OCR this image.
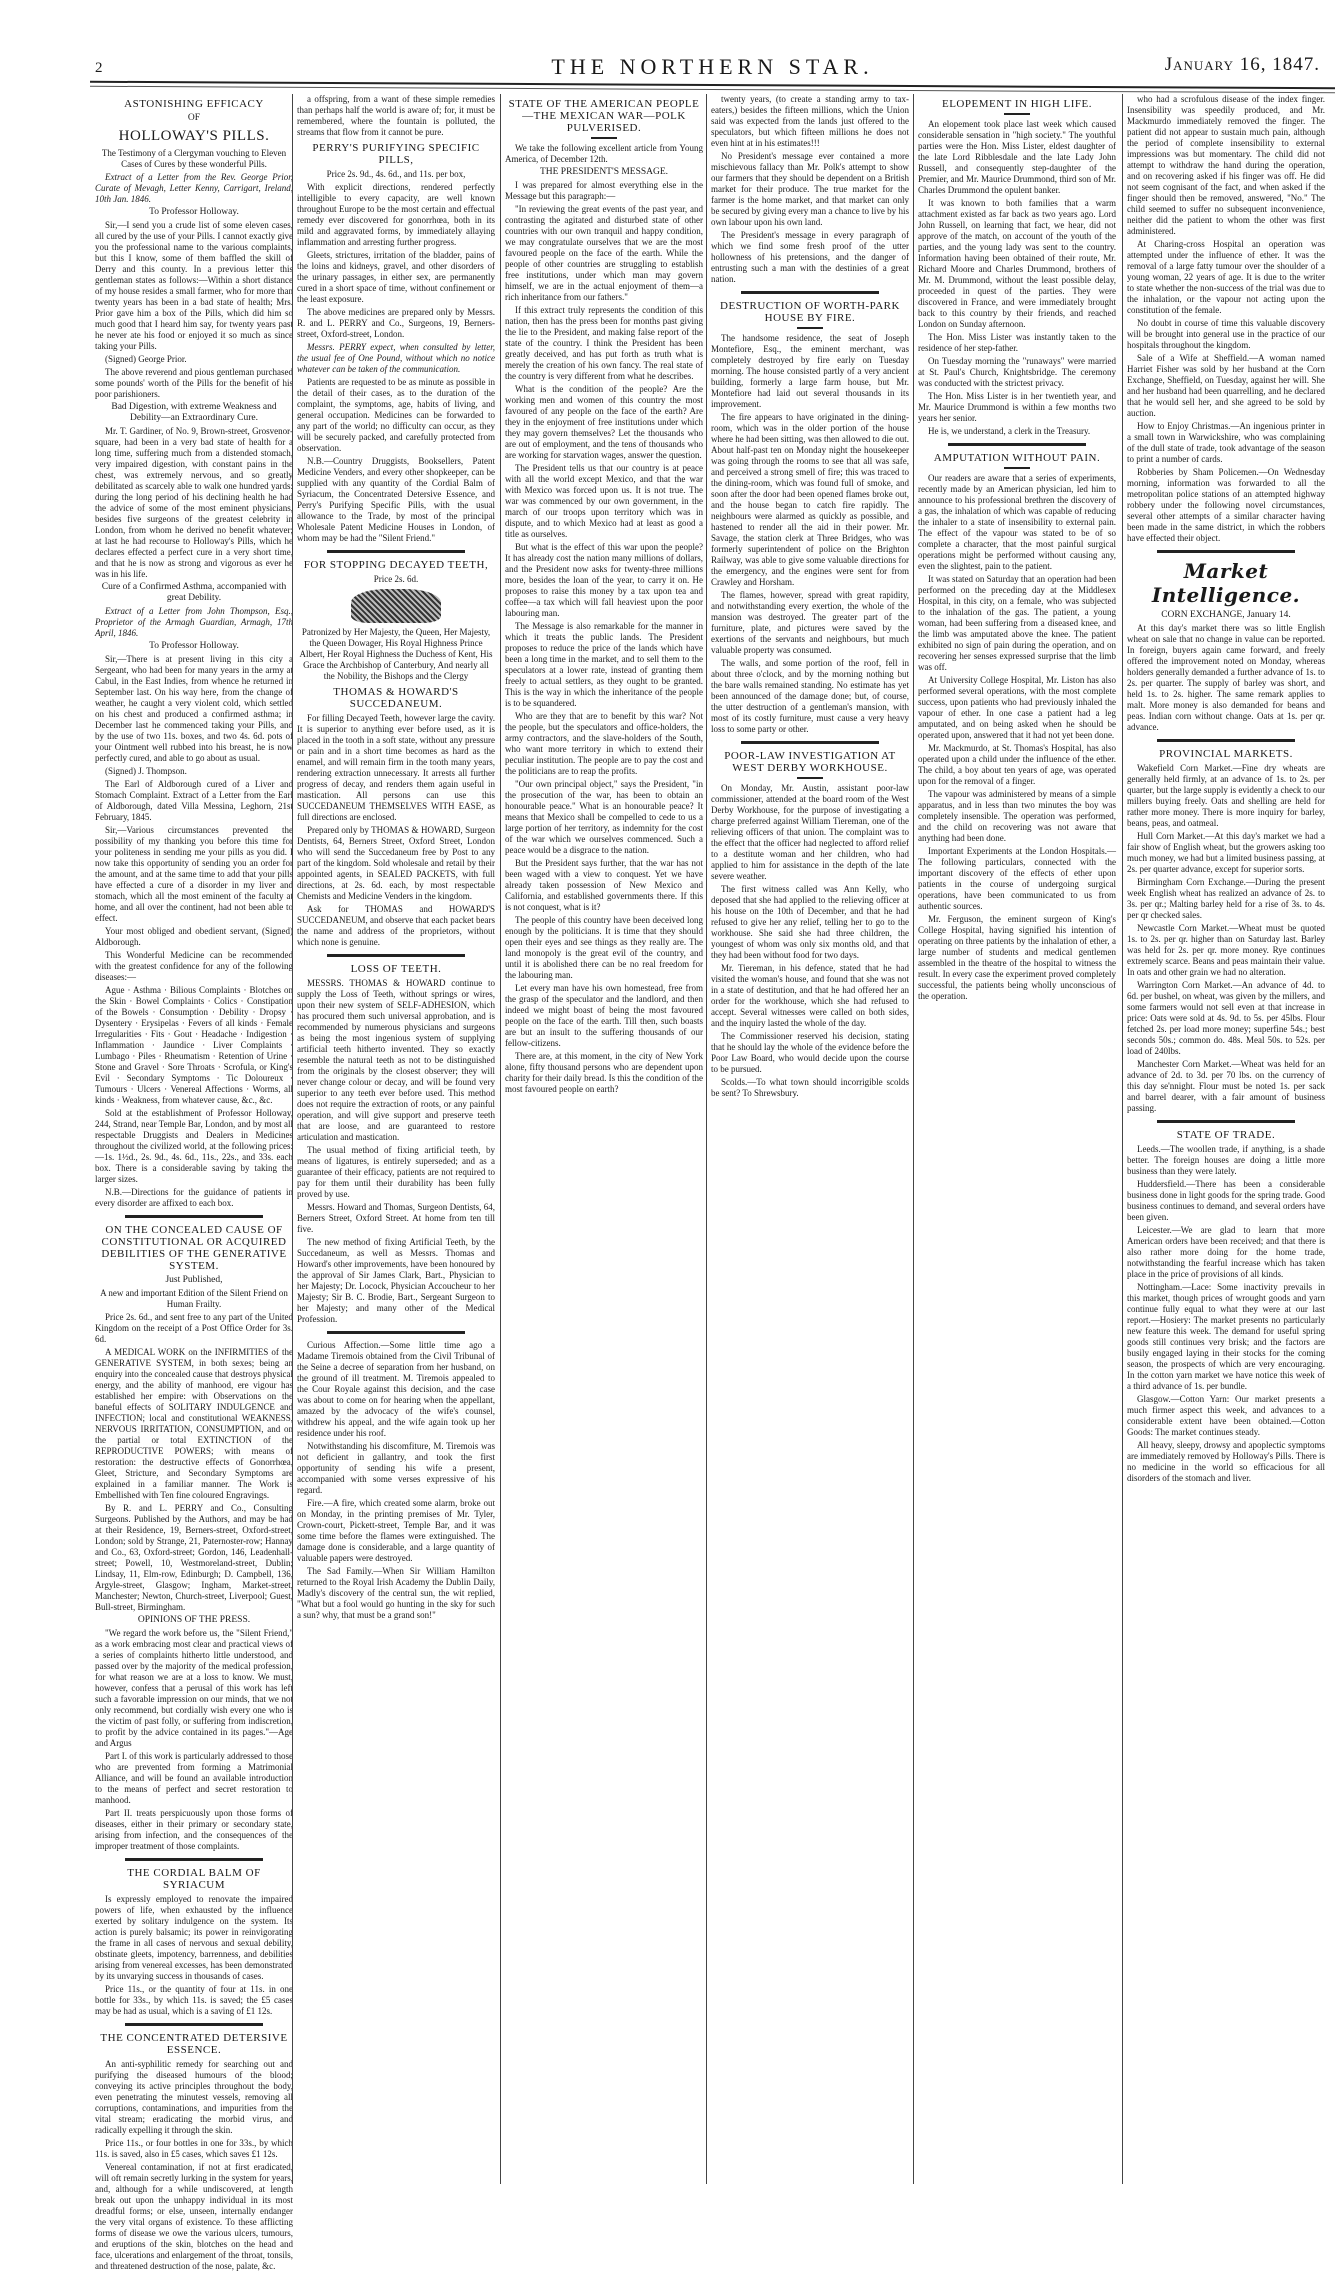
2	THE NORTHERN STAR.	January 16, 1847.
ASTONISHING EFFICACY
OF
HOLLOWAY'S PILLS.

The Testimony of a Clergyman vouching to Eleven Cases of Cures by these wonderful Pills.

Extract of a Letter from the Rev. George Prior, Curate of Mevagh, Letter Kenny, Carrigart, Ireland, 10th Jan. 1846.

To Professor Holloway.

Sir,—I send you a crude list of some eleven cases, all cured by the use of your Pills. I cannot exactly give you the professional name to the various complaints, but this I know, some of them baffled the skill of Derry and this county. In a previous letter this gentleman states as follows:—Within a short distance of my house resides a small farmer, who for more than twenty years has been in a bad state of health; Mrs. Prior gave him a box of the Pills, which did him so much good that I heard him say, for twenty years past he never ate his food or enjoyed it so much as since taking your Pills.

(Signed) George Prior.

The above reverend and pious gentleman purchased some pounds' worth of the Pills for the benefit of his poor parishioners.

Bad Digestion, with extreme Weakness and Debility—an Extraordinary Cure.

Mr. T. Gardiner, of No. 9, Brown-street, Grosvenor-square, had been in a very bad state of health for a long time, suffering much from a distended stomach, very impaired digestion, with constant pains in the chest, was extremely nervous, and so greatly debilitated as scarcely able to walk one hundred yards: during the long period of his declining health he had the advice of some of the most eminent physicians, besides five surgeons of the greatest celebrity in London, from whom he derived no benefit whatever; at last he had recourse to Holloway's Pills, which he declares effected a perfect cure in a very short time, and that he is now as strong and vigorous as ever he was in his life.

Cure of a Confirmed Asthma, accompanied with great Debility.

Extract of a Letter from John Thompson, Esq., Proprietor of the Armagh Guardian, Armagh, 17th April, 1846.

To Professor Holloway.

Sir,—There is at present living in this city a Sergeant, who had been for many years in the army at Cabul, in the East Indies, from whence he returned in September last. On his way here, from the change of weather, he caught a very violent cold, which settled on his chest and produced a confirmed asthma; in December last he commenced taking your Pills, and by the use of two 11s. boxes, and two 4s. 6d. pots of your Ointment well rubbed into his breast, he is now perfectly cured, and able to go about as usual.

(Signed) J. Thompson.

The Earl of Aldborough cured of a Liver and Stomach Complaint. Extract of a Letter from the Earl of Aldborough, dated Villa Messina, Leghorn, 21st February, 1845.

Sir,—Various circumstances prevented the possibility of my thanking you before this time for your politeness in sending me your pills as you did. I now take this opportunity of sending you an order for the amount, and at the same time to add that your pills have effected a cure of a disorder in my liver and stomach, which all the most eminent of the faculty at home, and all over the continent, had not been able to effect.

Your most obliged and obedient servant, (Signed) Aldborough.

This Wonderful Medicine can be recommended with the greatest confidence for any of the following diseases:—

Ague · Asthma · Bilious Complaints · Blotches on the Skin · Bowel Complaints · Colics · Constipation of the Bowels · Consumption · Debility · Dropsy · Dysentery · Erysipelas · Fevers of all kinds · Female Irregularities · Fits · Gout · Headache · Indigestion · Inflammation · Jaundice · Liver Complaints · Lumbago · Piles · Rheumatism · Retention of Urine · Stone and Gravel · Sore Throats · Scrofula, or King's Evil · Secondary Symptoms · Tic Doloureux · Tumours · Ulcers · Venereal Affections · Worms, all kinds · Weakness, from whatever cause, &c., &c.

Sold at the establishment of Professor Holloway, 244, Strand, near Temple Bar, London, and by most all respectable Druggists and Dealers in Medicines throughout the civilized world, at the following prices:—1s. 1½d., 2s. 9d., 4s. 6d., 11s., 22s., and 33s. each box. There is a considerable saving by taking the larger sizes.

N.B.—Directions for the guidance of patients in every disorder are affixed to each box.

ON THE CONCEALED CAUSE OF CONSTITUTIONAL OR ACQUIRED DEBILITIES OF THE GENERATIVE SYSTEM.
Just Published,

A new and important Edition of the Silent Friend on Human Frailty.

Price 2s. 6d., and sent free to any part of the United Kingdom on the receipt of a Post Office Order for 3s. 6d.

A MEDICAL WORK on the INFIRMITIES of the GENERATIVE SYSTEM, in both sexes; being an enquiry into the concealed cause that destroys physical energy, and the ability of manhood, ere vigour has established her empire: with Observations on the baneful effects of SOLITARY INDULGENCE and INFECTION; local and constitutional WEAKNESS, NERVOUS IRRITATION, CONSUMPTION, and on the partial or total EXTINCTION of the REPRODUCTIVE POWERS; with means of restoration: the destructive effects of Gonorrhœa, Gleet, Stricture, and Secondary Symptoms are explained in a familiar manner. The Work is Embellished with Ten fine coloured Engravings.

By R. and L. PERRY and Co., Consulting Surgeons. Published by the Authors, and may be had at their Residence, 19, Berners-street, Oxford-street, London; sold by Strange, 21, Paternoster-row; Hannay and Co., 63, Oxford-street; Gordon, 146, Leadenhall-street; Powell, 10, Westmoreland-street, Dublin; Lindsay, 11, Elm-row, Edinburgh; D. Campbell, 136, Argyle-street, Glasgow; Ingham, Market-street, Manchester; Newton, Church-street, Liverpool; Guest, Bull-street, Birmingham.

OPINIONS OF THE PRESS.

"We regard the work before us, the "Silent Friend," as a work embracing most clear and practical views of a series of complaints hitherto little understood, and passed over by the majority of the medical profession, for what reason we are at a loss to know. We must, however, confess that a perusal of this work has left such a favorable impression on our minds, that we not only recommend, but cordially wish every one who is the victim of past folly, or suffering from indiscretion, to profit by the advice contained in its pages."—Age and Argus

Part I. of this work is particularly addressed to those who are prevented from forming a Matrimonial Alliance, and will be found an available introduction to the means of perfect and secret restoration to manhood.

Part II. treats perspicuously upon those forms of diseases, either in their primary or secondary state, arising from infection, and the consequences of the improper treatment of those complaints.

THE CORDIAL BALM OF SYRIACUM

Is expressly employed to renovate the impaired powers of life, when exhausted by the influence exerted by solitary indulgence on the system. Its action is purely balsamic; its power in reinvigorating the frame in all cases of nervous and sexual debility, obstinate gleets, impotency, barrenness, and debilities arising from venereal excesses, has been demonstrated by its unvarying success in thousands of cases.

Price 11s., or the quantity of four at 11s. in one bottle for 33s., by which 11s. is saved; the £5 cases may be had as usual, which is a saving of £1 12s.

THE CONCENTRATED DETERSIVE ESSENCE.

An anti-syphilitic remedy for searching out and purifying the diseased humours of the blood; conveying its active principles throughout the body, even penetrating the minutest vessels, removing all corruptions, contaminations, and impurities from the vital stream; eradicating the morbid virus, and radically expelling it through the skin.

Price 11s., or four bottles in one for 33s., by which 11s. is saved, also in £5 cases, which saves £1 12s.

Venereal contamination, if not at first eradicated, will oft remain secretly lurking in the system for years, and, although for a while undiscovered, at length break out upon the unhappy individual in its most dreadful forms; or else, unseen, internally endanger the very vital organs of existence. To these afflicting forms of disease we owe the various ulcers, tumours, and eruptions of the skin, blotches on the head and face, ulcerations and enlargement of the throat, tonsils, and threatened destruction of the nose, palate, &c.

a offspring, from a want of these simple remedies than perhaps half the world is aware of; for, it must be remembered, where the fountain is polluted, the streams that flow from it cannot be pure.

PERRY'S PURIFYING SPECIFIC PILLS,

Price 2s. 9d., 4s. 6d., and 11s. per box,

With explicit directions, rendered perfectly intelligible to every capacity, are well known throughout Europe to be the most certain and effectual remedy ever discovered for gonorrhœa, both in its mild and aggravated forms, by immediately allaying inflammation and arresting further progress.

Gleets, strictures, irritation of the bladder, pains of the loins and kidneys, gravel, and other disorders of the urinary passages, in either sex, are permanently cured in a short space of time, without confinement or the least exposure.

The above medicines are prepared only by Messrs. R. and L. PERRY and Co., Surgeons, 19, Berners-street, Oxford-street, London.

Messrs. PERRY expect, when consulted by letter, the usual fee of One Pound, without which no notice whatever can be taken of the communication.

Patients are requested to be as minute as possible in the detail of their cases, as to the duration of the complaint, the symptoms, age, habits of living, and general occupation. Medicines can be forwarded to any part of the world; no difficulty can occur, as they will be securely packed, and carefully protected from observation.

N.B.—Country Druggists, Booksellers, Patent Medicine Venders, and every other shopkeeper, can be supplied with any quantity of the Cordial Balm of Syriacum, the Concentrated Detersive Essence, and Perry's Purifying Specific Pills, with the usual allowance to the Trade, by most of the principal Wholesale Patent Medicine Houses in London, of whom may be had the "Silent Friend."

FOR STOPPING DECAYED TEETH,

Price 2s. 6d.

Patronized by Her Majesty, the Queen, Her Majesty, the Queen Dowager, His Royal Highness Prince Albert, Her Royal Highness the Duchess of Kent, His Grace the Archbishop of Canterbury, And nearly all the Nobility, the Bishops and the Clergy

THOMAS & HOWARD'S SUCCEDANEUM.

For filling Decayed Teeth, however large the cavity. It is superior to anything ever before used, as it is placed in the tooth in a soft state, without any pressure or pain and in a short time becomes as hard as the enamel, and will remain firm in the tooth many years, rendering extraction unnecessary. It arrests all further progress of decay, and renders them again useful in mastication. All persons can use this SUCCEDANEUM THEMSELVES WITH EASE, as full directions are enclosed.

Prepared only by THOMAS & HOWARD, Surgeon Dentists, 64, Berners Street, Oxford Street, London who will send the Succedaneum free by Post to any part of the kingdom. Sold wholesale and retail by their appointed agents, in SEALED PACKETS, with full directions, at 2s. 6d. each, by most respectable Chemists and Medicine Venders in the kingdom.

Ask for THOMAS and HOWARD'S SUCCEDANEUM, and observe that each packet bears the name and address of the proprietors, without which none is genuine.

LOSS OF TEETH.

MESSRS. THOMAS & HOWARD continue to supply the Loss of Teeth, without springs or wires, upon their new system of SELF-ADHESION, which has procured them such universal approbation, and is recommended by numerous physicians and surgeons as being the most ingenious system of supplying artificial teeth hitherto invented. They so exactly resemble the natural teeth as not to be distinguished from the originals by the closest observer; they will never change colour or decay, and will be found very superior to any teeth ever before used. This method does not require the extraction of roots, or any painful operation, and will give support and preserve teeth that are loose, and are guaranteed to restore articulation and mastication.

The usual method of fixing artificial teeth, by means of ligatures, is entirely superseded; and as a guarantee of their efficacy, patients are not required to pay for them until their durability has been fully proved by use.

Messrs. Howard and Thomas, Surgeon Dentists, 64, Berners Street, Oxford Street. At home from ten till five.

The new method of fixing Artificial Teeth, by the Succedaneum, as well as Messrs. Thomas and Howard's other improvements, have been honoured by the approval of Sir James Clark, Bart., Physician to her Majesty; Dr. Locock, Physician Accoucheur to her Majesty; Sir B. C. Brodie, Bart., Sergeant Surgeon to her Majesty; and many other of the Medical Profession.

Curious Affection.—Some little time ago a Madame Tiremois obtained from the Civil Tribunal of the Seine a decree of separation from her husband, on the ground of ill treatment. M. Tiremois appealed to the Cour Royale against this decision, and the case was about to come on for hearing when the appellant, amazed by the advocacy of the wife's counsel, withdrew his appeal, and the wife again took up her residence under his roof.

Notwithstanding his discomfiture, M. Tiremois was not deficient in gallantry, and took the first opportunity of sending his wife a present, accompanied with some verses expressive of his regard.

Fire.—A fire, which created some alarm, broke out on Monday, in the printing premises of Mr. Tyler, Crown-court, Pickett-street, Temple Bar, and it was some time before the flames were extinguished. The damage done is considerable, and a large quantity of valuable papers were destroyed.

The Sad Family.—When Sir William Hamilton returned to the Royal Irish Academy the Dublin Daily, Madly's discovery of the central sun, the wit replied, "What but a fool would go hunting in the sky for such a sun? why, that must be a grand son!"

STATE OF THE AMERICAN PEOPLE—THE MEXICAN WAR—POLK PULVERISED.

We take the following excellent article from Young America, of December 12th.

THE PRESIDENT'S MESSAGE.

I was prepared for almost everything else in the Message but this paragraph:—

"In reviewing the great events of the past year, and contrasting the agitated and disturbed state of other countries with our own tranquil and happy condition, we may congratulate ourselves that we are the most favoured people on the face of the earth. While the people of other countries are struggling to establish free institutions, under which man may govern himself, we are in the actual enjoyment of them—a rich inheritance from our fathers."

If this extract truly represents the condition of this nation, then has the press been for months past giving the lie to the President, and making false report of the state of the country. I think the President has been greatly deceived, and has put forth as truth what is merely the creation of his own fancy. The real state of the country is very different from what he describes.

What is the condition of the people? Are the working men and women of this country the most favoured of any people on the face of the earth? Are they in the enjoyment of free institutions under which they may govern themselves? Let the thousands who are out of employment, and the tens of thousands who are working for starvation wages, answer the question.

The President tells us that our country is at peace with all the world except Mexico, and that the war with Mexico was forced upon us. It is not true. The war was commenced by our own government, in the march of our troops upon territory which was in dispute, and to which Mexico had at least as good a title as ourselves.

But what is the effect of this war upon the people? It has already cost the nation many millions of dollars, and the President now asks for twenty-three millions more, besides the loan of the year, to carry it on. He proposes to raise this money by a tax upon tea and coffee—a tax which will fall heaviest upon the poor labouring man.

The Message is also remarkable for the manner in which it treats the public lands. The President proposes to reduce the price of the lands which have been a long time in the market, and to sell them to the speculators at a lower rate, instead of granting them freely to actual settlers, as they ought to be granted. This is the way in which the inheritance of the people is to be squandered.

Who are they that are to benefit by this war? Not the people, but the speculators and office-holders, the army contractors, and the slave-holders of the South, who want more territory in which to extend their peculiar institution. The people are to pay the cost and the politicians are to reap the profits.

"Our own principal object," says the President, "in the prosecution of the war, has been to obtain an honourable peace." What is an honourable peace? It means that Mexico shall be compelled to cede to us a large portion of her territory, as indemnity for the cost of the war which we ourselves commenced. Such a peace would be a disgrace to the nation.

But the President says further, that the war has not been waged with a view to conquest. Yet we have already taken possession of New Mexico and California, and established governments there. If this is not conquest, what is it?

The people of this country have been deceived long enough by the politicians. It is time that they should open their eyes and see things as they really are. The land monopoly is the great evil of the country, and until it is abolished there can be no real freedom for the labouring man.

Let every man have his own homestead, free from the grasp of the speculator and the landlord, and then indeed we might boast of being the most favoured people on the face of the earth. Till then, such boasts are but an insult to the suffering thousands of our fellow-citizens.

There are, at this moment, in the city of New York alone, fifty thousand persons who are dependent upon charity for their daily bread. Is this the condition of the most favoured people on earth?

twenty years, (to create a standing army to tax-eaters,) besides the fifteen millions, which the Union said was expected from the lands just offered to the speculators, but which fifteen millions he does not even hint at in his estimates!!!

No President's message ever contained a more mischievous fallacy than Mr. Polk's attempt to show our farmers that they should be dependent on a British market for their produce. The true market for the farmer is the home market, and that market can only be secured by giving every man a chance to live by his own labour upon his own land.

The President's message in every paragraph of which we find some fresh proof of the utter hollowness of his pretensions, and the danger of entrusting such a man with the destinies of a great nation.

DESTRUCTION OF WORTH-PARK HOUSE BY FIRE.

The handsome residence, the seat of Joseph Montefiore, Esq., the eminent merchant, was completely destroyed by fire early on Tuesday morning. The house consisted partly of a very ancient building, formerly a large farm house, but Mr. Montefiore had laid out several thousands in its improvement.

The fire appears to have originated in the dining-room, which was in the older portion of the house where he had been sitting, was then allowed to die out. About half-past ten on Monday night the housekeeper was going through the rooms to see that all was safe, and perceived a strong smell of fire; this was traced to the dining-room, which was found full of smoke, and soon after the door had been opened flames broke out, and the house began to catch fire rapidly. The neighbours were alarmed as quickly as possible, and hastened to render all the aid in their power. Mr. Savage, the station clerk at Three Bridges, who was formerly superintendent of police on the Brighton Railway, was able to give some valuable directions for the emergency, and the engines were sent for from Crawley and Horsham.

The flames, however, spread with great rapidity, and notwithstanding every exertion, the whole of the mansion was destroyed. The greater part of the furniture, plate, and pictures were saved by the exertions of the servants and neighbours, but much valuable property was consumed.

The walls, and some portion of the roof, fell in about three o'clock, and by the morning nothing but the bare walls remained standing. No estimate has yet been announced of the damage done; but, of course, the utter destruction of a gentleman's mansion, with most of its costly furniture, must cause a very heavy loss to some party or other.

POOR-LAW INVESTIGATION AT WEST DERBY WORKHOUSE.

On Monday, Mr. Austin, assistant poor-law commissioner, attended at the board room of the West Derby Workhouse, for the purpose of investigating a charge preferred against William Tiereman, one of the relieving officers of that union. The complaint was to the effect that the officer had neglected to afford relief to a destitute woman and her children, who had applied to him for assistance in the depth of the late severe weather.

The first witness called was Ann Kelly, who deposed that she had applied to the relieving officer at his house on the 10th of December, and that he had refused to give her any relief, telling her to go to the workhouse. She said she had three children, the youngest of whom was only six months old, and that they had been without food for two days.

Mr. Tiereman, in his defence, stated that he had visited the woman's house, and found that she was not in a state of destitution, and that he had offered her an order for the workhouse, which she had refused to accept. Several witnesses were called on both sides, and the inquiry lasted the whole of the day.

The Commissioner reserved his decision, stating that he should lay the whole of the evidence before the Poor Law Board, who would decide upon the course to be pursued.

Scolds.—To what town should incorrigible scolds be sent? To Shrewsbury.

ELOPEMENT IN HIGH LIFE.

An elopement took place last week which caused considerable sensation in "high society." The youthful parties were the Hon. Miss Lister, eldest daughter of the late Lord Ribblesdale and the late Lady John Russell, and consequently step-daughter of the Premier, and Mr. Maurice Drummond, third son of Mr. Charles Drummond the opulent banker.

It was known to both families that a warm attachment existed as far back as two years ago. Lord John Russell, on learning that fact, we hear, did not approve of the match, on account of the youth of the parties, and the young lady was sent to the country. Information having been obtained of their route, Mr. Richard Moore and Charles Drummond, brothers of Mr. M. Drummond, without the least possible delay, proceeded in quest of the parties. They were discovered in France, and were immediately brought back to this country by their friends, and reached London on Sunday afternoon.

The Hon. Miss Lister was instantly taken to the residence of her step-father.

On Tuesday morning the "runaways" were married at St. Paul's Church, Knightsbridge. The ceremony was conducted with the strictest privacy.

The Hon. Miss Lister is in her twentieth year, and Mr. Maurice Drummond is within a few months two years her senior.

He is, we understand, a clerk in the Treasury.

AMPUTATION WITHOUT PAIN.

Our readers are aware that a series of experiments, recently made by an American physician, led him to announce to his professional brethren the discovery of a gas, the inhalation of which was capable of reducing the inhaler to a state of insensibility to external pain. The effect of the vapour was stated to be of so complete a character, that the most painful surgical operations might be performed without causing any, even the slightest, pain to the patient.

It was stated on Saturday that an operation had been performed on the preceding day at the Middlesex Hospital, in this city, on a female, who was subjected to the inhalation of the gas. The patient, a young woman, had been suffering from a diseased knee, and the limb was amputated above the knee. The patient exhibited no sign of pain during the operation, and on recovering her senses expressed surprise that the limb was off.

At University College Hospital, Mr. Liston has also performed several operations, with the most complete success, upon patients who had previously inhaled the vapour of ether. In one case a patient had a leg amputated, and on being asked when he should be operated upon, answered that it had not yet been done.

Mr. Mackmurdo, at St. Thomas's Hospital, has also operated upon a child under the influence of the ether. The child, a boy about ten years of age, was operated upon for the removal of a finger.

The vapour was administered by means of a simple apparatus, and in less than two minutes the boy was completely insensible. The operation was performed, and the child on recovering was not aware that anything had been done.

Important Experiments at the London Hospitals.—The following particulars, connected with the important discovery of the effects of ether upon patients in the course of undergoing surgical operations, have been communicated to us from authentic sources.

Mr. Ferguson, the eminent surgeon of King's College Hospital, having signified his intention of operating on three patients by the inhalation of ether, a large number of students and medical gentlemen assembled in the theatre of the hospital to witness the result. In every case the experiment proved completely successful, the patients being wholly unconscious of the operation.

who had a scrofulous disease of the index finger. Insensibility was speedily produced, and Mr. Mackmurdo immediately removed the finger. The patient did not appear to sustain much pain, although the period of complete insensibility to external impressions was but momentary. The child did not attempt to withdraw the hand during the operation, and on recovering asked if his finger was off. He did not seem cognisant of the fact, and when asked if the finger should then be removed, answered, "No." The child seemed to suffer no subsequent inconvenience, neither did the patient to whom the other was first administered.

At Charing-cross Hospital an operation was attempted under the influence of ether. It was the removal of a large fatty tumour over the shoulder of a young woman, 22 years of age. It is due to the writer to state whether the non-success of the trial was due to the inhalation, or the vapour not acting upon the constitution of the female.

No doubt in course of time this valuable discovery will be brought into general use in the practice of our hospitals throughout the kingdom.

Sale of a Wife at Sheffield.—A woman named Harriet Fisher was sold by her husband at the Corn Exchange, Sheffield, on Tuesday, against her will. She and her husband had been quarrelling, and he declared that he would sell her, and she agreed to be sold by auction.

How to Enjoy Christmas.—An ingenious printer in a small town in Warwickshire, who was complaining of the dull state of trade, took advantage of the season to print a number of cards.

Robberies by Sham Policemen.—On Wednesday morning, information was forwarded to all the metropolitan police stations of an attempted highway robbery under the following novel circumstances, several other attempts of a similar character having been made in the same district, in which the robbers have effected their object.

Market Intelligence.
CORN EXCHANGE, January 14.

At this day's market there was so little English wheat on sale that no change in value can be reported. In foreign, buyers again came forward, and freely offered the improvement noted on Monday, whereas holders generally demanded a further advance of 1s. to 2s. per quarter. The supply of barley was short, and held 1s. to 2s. higher. The same remark applies to malt. More money is also demanded for beans and peas. Indian corn without change. Oats at 1s. per qr. advance.

PROVINCIAL MARKETS.

Wakefield Corn Market.—Fine dry wheats are generally held firmly, at an advance of 1s. to 2s. per quarter, but the large supply is evidently a check to our millers buying freely. Oats and shelling are held for rather more money. There is more inquiry for barley, beans, peas, and oatmeal.

Hull Corn Market.—At this day's market we had a fair show of English wheat, but the growers asking too much money, we had but a limited business passing, at 2s. per quarter advance, except for superior sorts.

Birmingham Corn Exchange.—During the present week English wheat has realized an advance of 2s. to 3s. per qr.; Malting barley held for a rise of 3s. to 4s. per qr checked sales.

Newcastle Corn Market.—Wheat must be quoted 1s. to 2s. per qr. higher than on Saturday last. Barley was held for 2s. per qr. more money. Rye continues extremely scarce. Beans and peas maintain their value. In oats and other grain we had no alteration.

Warrington Corn Market.—An advance of 4d. to 6d. per bushel, on wheat, was given by the millers, and some farmers would not sell even at that increase in price: Oats were sold at 4s. 9d. to 5s. per 45lbs. Flour fetched 2s. per load more money; superfine 54s.; best seconds 50s.; common do. 48s. Meal 50s. to 52s. per load of 240lbs.

Manchester Corn Market.—Wheat was held for an advance of 2d. to 3d. per 70 lbs. on the currency of this day se'nnight. Flour must be noted 1s. per sack and barrel dearer, with a fair amount of business passing.

STATE OF TRADE.

Leeds.—The woollen trade, if anything, is a shade better. The foreign houses are doing a little more business than they were lately.

Huddersfield.—There has been a considerable business done in light goods for the spring trade. Good business continues to demand, and several orders have been given.

Leicester.—We are glad to learn that more American orders have been received; and that there is also rather more doing for the home trade, notwithstanding the fearful increase which has taken place in the price of provisions of all kinds.

Nottingham.—Lace: Some inactivity prevails in this market, though prices of wrought goods and yarn continue fully equal to what they were at our last report.—Hosiery: The market presents no particularly new feature this week. The demand for useful spring goods still continues very brisk; and the factors are busily engaged laying in their stocks for the coming season, the prospects of which are very encouraging. In the cotton yarn market we have notice this week of a third advance of 1s. per bundle.

Glasgow.—Cotton Yarn: Our market presents a much firmer aspect this week, and advances to a considerable extent have been obtained.—Cotton Goods: The market continues steady.

All heavy, sleepy, drowsy and apoplectic symptoms are immediately removed by Holloway's Pills. There is no medicine in the world so efficacious for all disorders of the stomach and liver.
